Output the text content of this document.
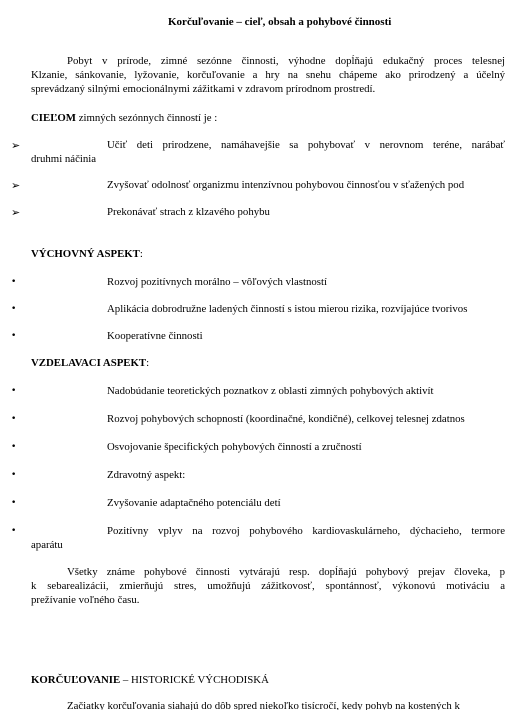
Korčuľovanie – cieľ, obsah a pohybové činnosti
Pobyt v prírode, zimné sezónne činnosti, výhodne dopĺňajú edukačný proces telesnej
Klzanie, sánkovanie, lyžovanie, korčuľovanie a hry na snehu chápeme ako prirodzený a účelný
sprevádzaný silnými emocionálnymi zážitkami v zdravom prírodnom prostredí.
CIEĽOM zimných sezónnych činností je :
➢	Učiť deti prirodzene, namáhavejšie sa pohybovať v nerovnom teréne, narábať
druhmi náčinia
➢	Zvyšovať odolnosť organizmu intenzívnou pohybovou činnosťou v sťažených pod
➢	Prekonávať strach z klzavého pohybu
VÝCHOVNÝ ASPEKT:
•	Rozvoj pozitívnych morálno – vôľových vlastností
•	Aplikácia dobrodružne ladených činností s istou mierou rizika, rozvíjajúce tvorivos
•	Kooperatívne činnosti
VZDELAVACI ASPEKT:
•	Nadobúdanie teoretických poznatkov z oblasti zimných pohybových aktivít
•	Rozvoj pohybových schopností (koordinačné, kondičné), celkovej telesnej zdatnos
•	Osvojovanie špecifických pohybových činností a zručností
•	Zdravotný aspekt:
•	Zvyšovanie adaptačného potenciálu detí
•	Pozitívny vplyv na rozvoj pohybového kardiovaskulárneho, dýchacieho, termore
aparátu
Všetky známe pohybové činnosti vytvárajú resp. dopĺňajú pohybový prejav človeka, p
k sebarealizácii, zmierňujú stres, umožňujú zážitkovosť, spontánnosť, výkonovú motiváciu a
prežívanie voľného času.
KORČUĽOVANIE – HISTORICKÉ VÝCHODISKÁ
Začiatky korčuľovania siahajú do dôb spred niekoľko tisícročí, kedy pohyb na kostených k
